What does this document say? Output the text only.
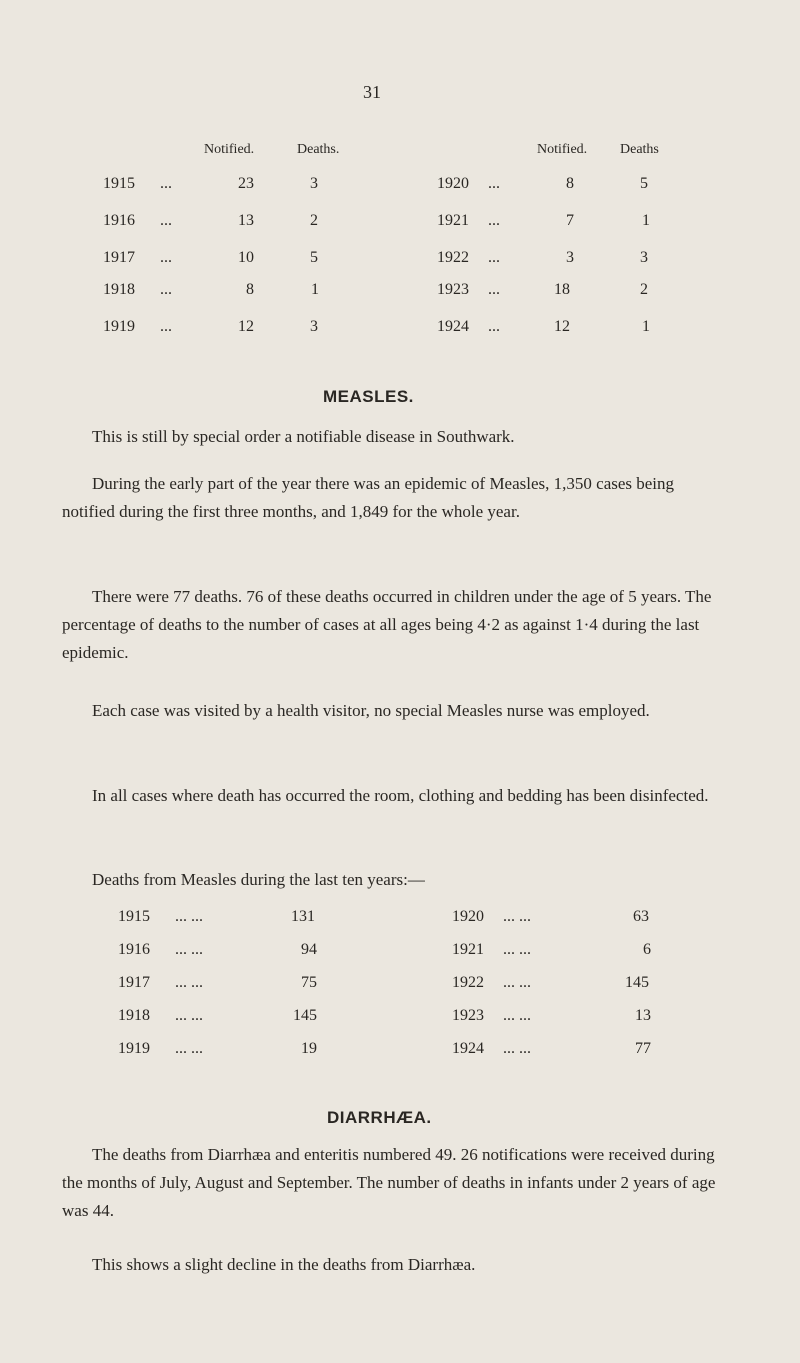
31
Notified.	Deaths.	Notified. Deaths
1915 ...	23	3
1916 ...	13	2
1917 ...	10	5
1918 ...	8	1
1919 ...	12	3
1920 ...	8	5
1921 ...	7	1
1922 ...	3	3
1923 ...	18	2
1924 ...	12	1
MEASLES.
This is still by special order a notifiable disease in Southwark.
During the early part of the year there was an epidemic of Measles, 1,350 cases being notified during the first three months, and 1,849 for the whole year.
There were 77 deaths. 76 of these deaths occurred in children under the age of 5 years. The percentage of deaths to the number of cases at all ages being 4·2 as against 1·4 during the last epidemic.
Each case was visited by a health visitor, no special Measles nurse was employed.
In all cases where death has occurred the room, clothing and bedding has been disinfected.
Deaths from Measles during the last ten years:—
1915 ... ...	131
1916 ... ...	94
1917 ... ...	75
1918 ... ...	145
1919 ... ...	19
1920 ... ...	63
1921 ... ...	6
1922 ... ...	145
1923 ... ...	13
1924 ... ...	77
DIARRHÆA.
The deaths from Diarrhæa and enteritis numbered 49. 26 notifications were received during the months of July, August and September. The number of deaths in infants under 2 years of age was 44.
This shows a slight decline in the deaths from Diarrhæa.
